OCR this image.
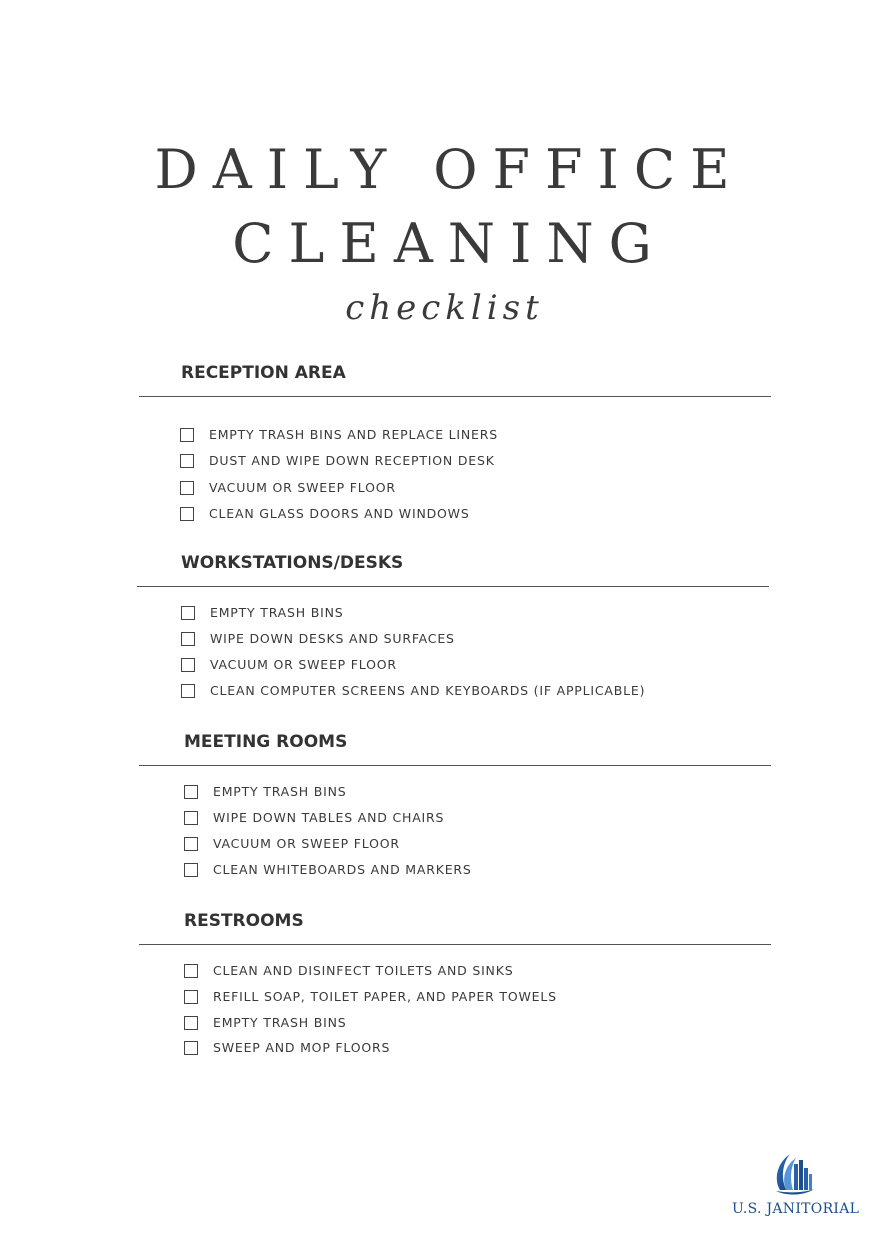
DAILY OFFICE
CLEANING
checklist
RECEPTION AREA
EMPTY TRASH BINS AND REPLACE LINERS
DUST AND WIPE DOWN RECEPTION DESK
VACUUM OR SWEEP FLOOR
CLEAN GLASS DOORS AND WINDOWS
WORKSTATIONS/DESKS
EMPTY TRASH BINS
WIPE DOWN DESKS AND SURFACES
VACUUM OR SWEEP FLOOR
CLEAN COMPUTER SCREENS AND KEYBOARDS (IF APPLICABLE)
MEETING ROOMS
EMPTY TRASH BINS
WIPE DOWN TABLES AND CHAIRS
VACUUM OR SWEEP FLOOR
CLEAN WHITEBOARDS AND MARKERS
RESTROOMS
CLEAN AND DISINFECT TOILETS AND SINKS
REFILL SOAP, TOILET PAPER, AND PAPER TOWELS
EMPTY TRASH BINS
SWEEP AND MOP FLOORS
U.S. JANITORIAL
